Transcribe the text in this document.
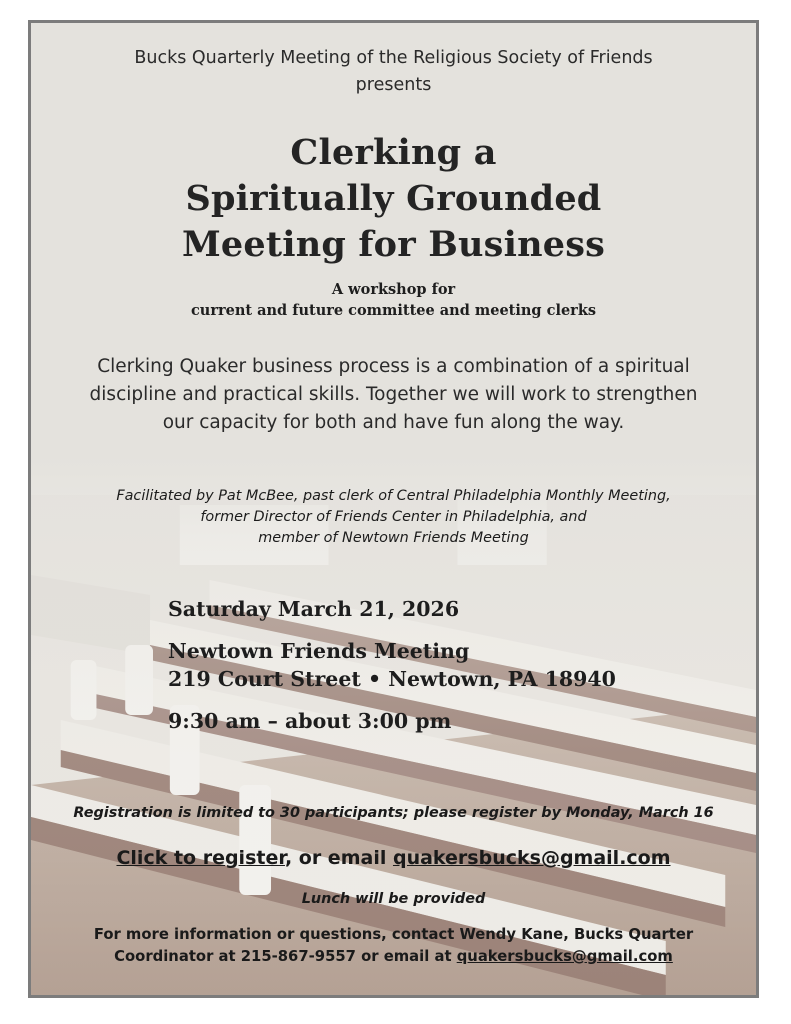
Bucks Quarterly Meeting of the Religious Society of Friends
presents
Clerking a
Spiritually Grounded
Meeting for Business
A workshop for
current and future committee and meeting clerks
Clerking Quaker business process is a combination of a spiritual
discipline and practical skills. Together we will work to strengthen
our capacity for both and have fun along the way.
Facilitated by Pat McBee, past clerk of Central Philadelphia Monthly Meeting,
former Director of Friends Center in Philadelphia, and
member of Newtown Friends Meeting
Saturday March 21, 2026
Newtown Friends Meeting
219 Court Street • Newtown, PA 18940
9:30 am – about 3:00 pm
Registration is limited to 30 participants; please register by Monday, March 16
Click to register, or email quakersbucks@gmail.com
Lunch will be provided
For more information or questions, contact Wendy Kane, Bucks Quarter
Coordinator at 215-867-9557 or email at quakersbucks@gmail.com
